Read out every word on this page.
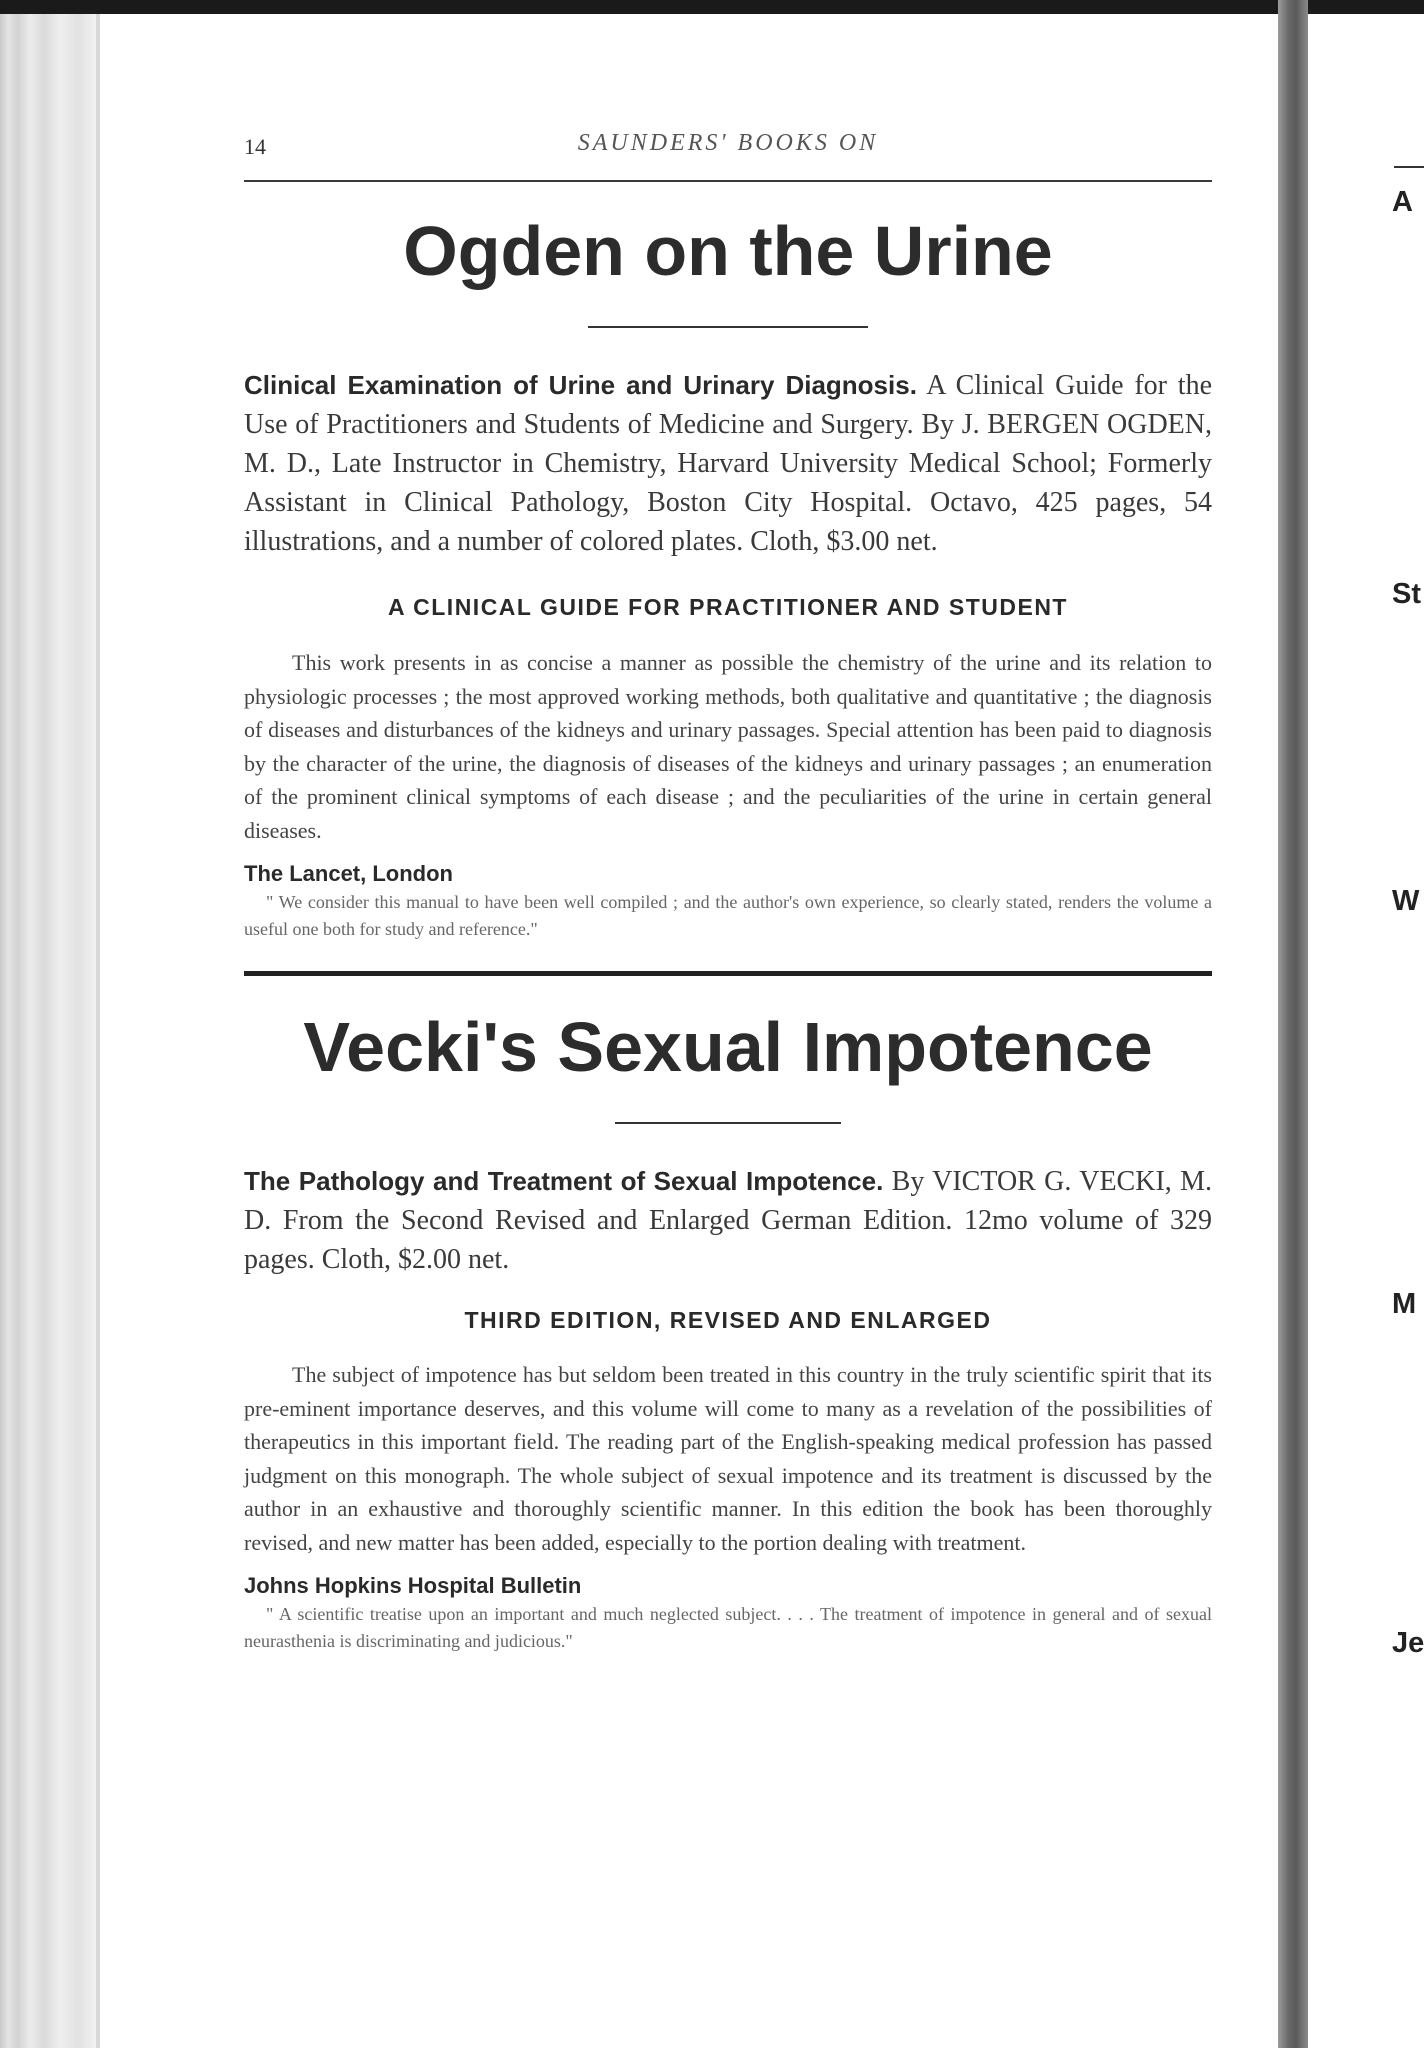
A
St
W
M
Je
14	SAUNDERS' BOOKS ON
Ogden on the Urine

Clinical Examination of Urine and Urinary Diagnosis. A Clinical Guide for the Use of Practitioners and Students of Medicine and Surgery. By J. BERGEN OGDEN, M. D., Late Instructor in Chemistry, Harvard University Medical School; Formerly Assistant in Clinical Pathology, Boston City Hospital. Octavo, 425 pages, 54 illustrations, and a number of colored plates. Cloth, $3.00 net.

A CLINICAL GUIDE FOR PRACTITIONER AND STUDENT

This work presents in as concise a manner as possible the chemistry of the urine and its relation to physiologic processes ; the most approved working methods, both qualitative and quantitative ; the diagnosis of diseases and disturbances of the kidneys and urinary passages. Special attention has been paid to diagnosis by the character of the urine, the diagnosis of diseases of the kidneys and urinary passages ; an enumeration of the prominent clinical symptoms of each disease ; and the peculiarities of the urine in certain general diseases.

The Lancet, London

" We consider this manual to have been well compiled ; and the author's own experience, so clearly stated, renders the volume a useful one both for study and reference."

Vecki's Sexual Impotence

The Pathology and Treatment of Sexual Impotence. By VICTOR G. VECKI, M. D. From the Second Revised and Enlarged German Edition. 12mo volume of 329 pages. Cloth, $2.00 net.

THIRD EDITION, REVISED AND ENLARGED

The subject of impotence has but seldom been treated in this country in the truly scientific spirit that its pre-eminent importance deserves, and this volume will come to many as a revelation of the possibilities of therapeutics in this important field. The reading part of the English-speaking medical profession has passed judgment on this monograph. The whole subject of sexual impotence and its treatment is discussed by the author in an exhaustive and thoroughly scientific manner. In this edition the book has been thoroughly revised, and new matter has been added, especially to the portion dealing with treatment.

Johns Hopkins Hospital Bulletin

" A scientific treatise upon an important and much neglected subject. . . . The treatment of impotence in general and of sexual neurasthenia is discriminating and judicious."
